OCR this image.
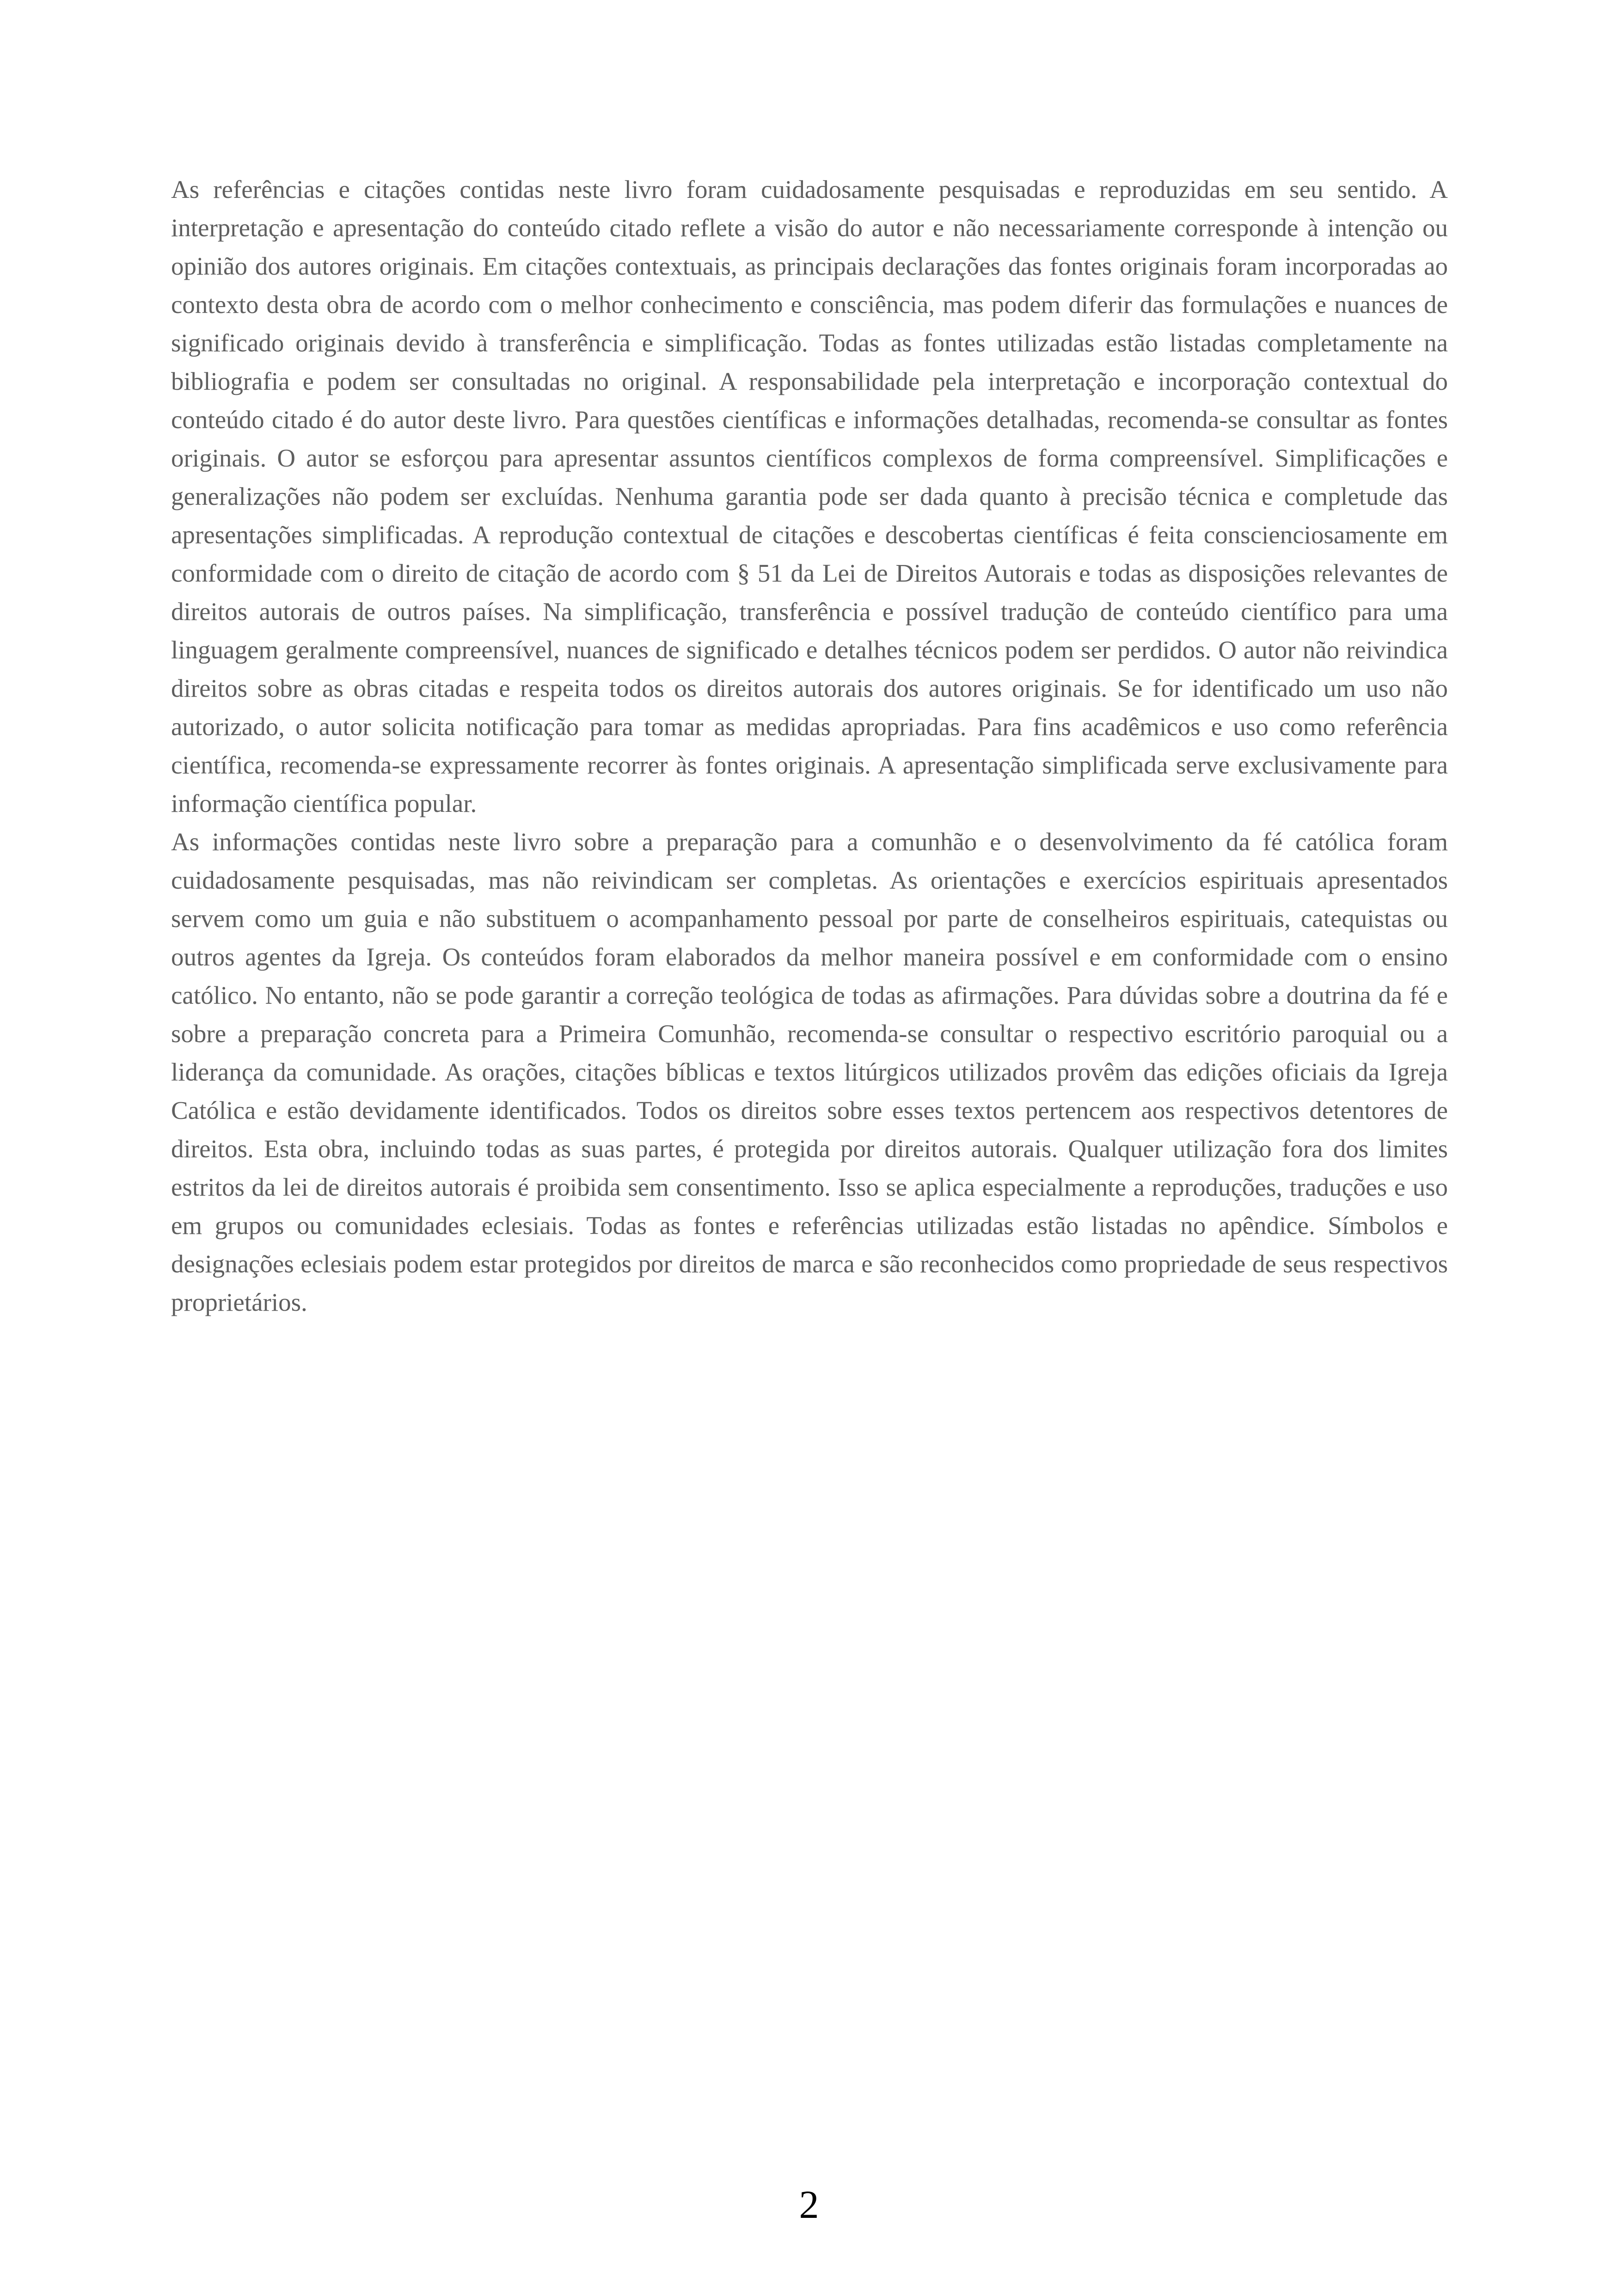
As referências e citações contidas neste livro foram cuidadosamente pesquisadas e reproduzidas em seu sentido. A interpretação e apresentação do conteúdo citado reflete a visão do autor e não necessariamente corresponde à intenção ou opinião dos autores originais. Em citações contextuais, as principais declarações das fontes originais foram incorporadas ao contexto desta obra de acordo com o melhor conhecimento e consciência, mas podem diferir das formulações e nuances de significado originais devido à transferência e simplificação. Todas as fontes utilizadas estão listadas completamente na bibliografia e podem ser consultadas no original. A responsabilidade pela interpretação e incorporação contextual do conteúdo citado é do autor deste livro. Para questões científicas e informações detalhadas, recomenda-se consultar as fontes originais. O autor se esforçou para apresentar assuntos científicos complexos de forma compreensível. Simplificações e generalizações não podem ser excluídas. Nenhuma garantia pode ser dada quanto à precisão técnica e completude das apresentações simplificadas. A reprodução contextual de citações e descobertas científicas é feita conscienciosamente em conformidade com o direito de citação de acordo com § 51 da Lei de Direitos Autorais e todas as disposições relevantes de direitos autorais de outros países. Na simplificação, transferência e possível tradução de conteúdo científico para uma linguagem geralmente compreensível, nuances de significado e detalhes técnicos podem ser perdidos. O autor não reivindica direitos sobre as obras citadas e respeita todos os direitos autorais dos autores originais. Se for identificado um uso não autorizado, o autor solicita notificação para tomar as medidas apropriadas. Para fins acadêmicos e uso como referência científica, recomenda-se expressamente recorrer às fontes originais. A apresentação simplificada serve exclusivamente para informação científica popular.

As informações contidas neste livro sobre a preparação para a comunhão e o desenvolvimento da fé católica foram cuidadosamente pesquisadas, mas não reivindicam ser completas. As orientações e exercícios espirituais apresentados servem como um guia e não substituem o acompanhamento pessoal por parte de conselheiros espirituais, catequistas ou outros agentes da Igreja. Os conteúdos foram elaborados da melhor maneira possível e em conformidade com o ensino católico. No entanto, não se pode garantir a correção teológica de todas as afirmações. Para dúvidas sobre a doutrina da fé e sobre a preparação concreta para a Primeira Comunhão, recomenda-se consultar o respectivo escritório paroquial ou a liderança da comunidade. As orações, citações bíblicas e textos litúrgicos utilizados provêm das edições oficiais da Igreja Católica e estão devidamente identificados. Todos os direitos sobre esses textos pertencem aos respectivos detentores de direitos. Esta obra, incluindo todas as suas partes, é protegida por direitos autorais. Qualquer utilização fora dos limites estritos da lei de direitos autorais é proibida sem consentimento. Isso se aplica especialmente a reproduções, traduções e uso em grupos ou comunidades eclesiais. Todas as fontes e referências utilizadas estão listadas no apêndice. Símbolos e designações eclesiais podem estar protegidos por direitos de marca e são reconhecidos como propriedade de seus respectivos proprietários.

2
